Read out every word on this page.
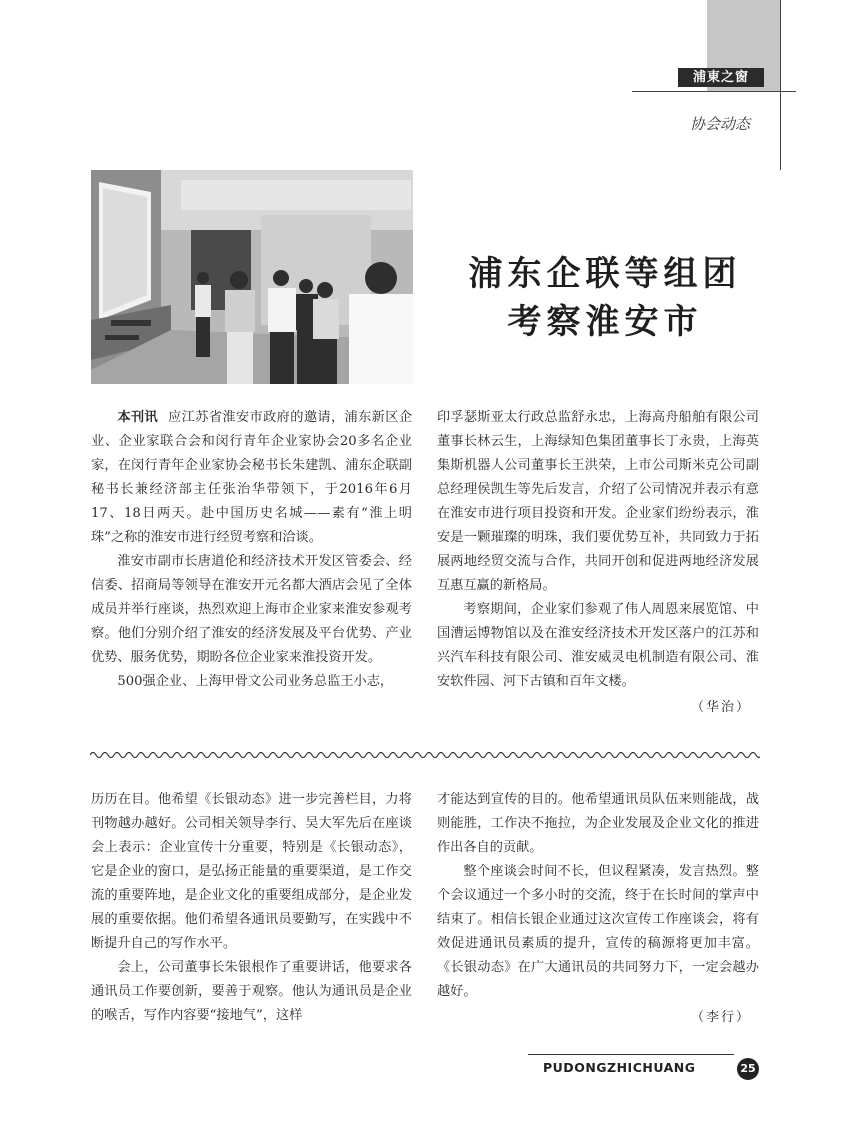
浦東之窗
协会动态
浦东企联等组团
考察淮安市

本刊讯 应江苏省淮安市政府的邀请，浦东新区企业、企业家联合会和闵行青年企业家协会20多名企业家，在闵行青年企业家协会秘书长朱建凯、浦东企联副秘书长兼经济部主任张治华带领下，于2016年6月17、18日两天。赴中国历史名城——素有“淮上明珠”之称的淮安市进行经贸考察和洽谈。

淮安市副市长唐道伦和经济技术开发区管委会、经信委、招商局等领导在淮安开元名都大酒店会见了全体成员并举行座谈，热烈欢迎上海市企业家来淮安参观考察。他们分别介绍了淮安的经济发展及平台优势、产业优势、服务优势，期盼各位企业家来淮投资开发。

500强企业、上海甲骨文公司业务总监王小志，

印孚瑟斯亚太行政总监舒永忠，上海高舟船舶有限公司董事长林云生，上海绿知色集团董事长丁永贵，上海英集斯机器人公司董事长王洪荣，上市公司斯米克公司副总经理侯凯生等先后发言，介绍了公司情况并表示有意在淮安市进行项目投资和开发。企业家们纷纷表示，淮安是一颗璀璨的明珠，我们要优势互补，共同致力于拓展两地经贸交流与合作，共同开创和促进两地经济发展互惠互赢的新格局。

考察期间，企业家们参观了伟人周恩来展览馆、中国漕运博物馆以及在淮安经济技术开发区落户的江苏和兴汽车科技有限公司、淮安威灵电机制造有限公司、淮安软件园、河下古镇和百年文楼。

（华治）

历历在目。他希望《长银动态》进一步完善栏目，力将刊物越办越好。公司相关领导李行、吴大军先后在座谈会上表示：企业宣传十分重要，特别是《长银动态》，它是企业的窗口，是弘扬正能量的重要渠道，是工作交流的重要阵地，是企业文化的重要组成部分，是企业发展的重要依据。他们希望各通讯员要勤写，在实践中不断提升自己的写作水平。

会上，公司董事长朱银根作了重要讲话，他要求各通讯员工作要创新，要善于观察。他认为通讯员是企业的喉舌，写作内容要“接地气”，这样

才能达到宣传的目的。他希望通讯员队伍来则能战，战则能胜，工作决不拖拉，为企业发展及企业文化的推进作出各自的贡献。

整个座谈会时间不长，但议程紧凑，发言热烈。整个会议通过一个多小时的交流，终于在长时间的掌声中结束了。相信长银企业通过这次宣传工作座谈会，将有效促进通讯员素质的提升，宣传的稿源将更加丰富。《长银动态》在广大通讯员的共同努力下，一定会越办越好。

（李行）
PUDONGZHICHUANG	25
